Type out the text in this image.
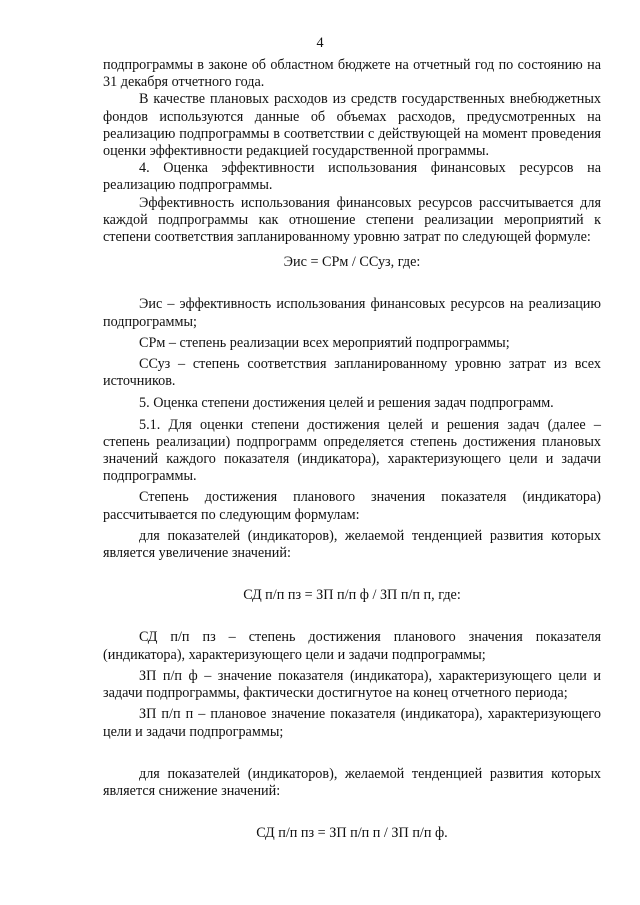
4

подпрограммы в законе об областном бюджете на отчетный год по состоянию на 31 декабря отчетного года.

В качестве плановых расходов из средств государственных внебюджетных фондов используются данные об объемах расходов, предусмотренных на реализацию подпрограммы в соответствии с действующей на момент проведения оценки эффективности редакцией государственной программы.

4. Оценка эффективности использования финансовых ресурсов на реализацию подпрограммы.

Эффективность использования финансовых ресурсов рассчитывается для каждой подпрограммы как отношение степени реализации мероприятий к степени соответствия запланированному уровню затрат по следующей формуле:

Эис = СРм / ССуз, где:

Эис – эффективность использования финансовых ресурсов на реализацию подпрограммы;

СРм – степень реализации всех мероприятий подпрограммы;

ССуз – степень соответствия запланированному уровню затрат из всех источников.

5. Оценка степени достижения целей и решения задач подпрограмм.

5.1. Для оценки степени достижения целей и решения задач (далее – степень реализации) подпрограмм определяется степень достижения плановых значений каждого показателя (индикатора), характеризующего цели и задачи подпрограммы.

Степень достижения планового значения показателя (индикатора) рассчитывается по следующим формулам:

для показателей (индикаторов), желаемой тенденцией развития которых является увеличение значений:

СД п/п пз = ЗП п/п ф / ЗП п/п п, где:

СД п/п пз – степень достижения планового значения показателя (индикатора), характеризующего цели и задачи подпрограммы;

ЗП п/п ф – значение показателя (индикатора), характеризующего цели и задачи подпрограммы, фактически достигнутое на конец отчетного периода;

ЗП п/п п – плановое значение показателя (индикатора), характеризующего цели и задачи подпрограммы;

для показателей (индикаторов), желаемой тенденцией развития которых является снижение значений:

СД п/п пз = ЗП п/п п / ЗП п/п ф.
